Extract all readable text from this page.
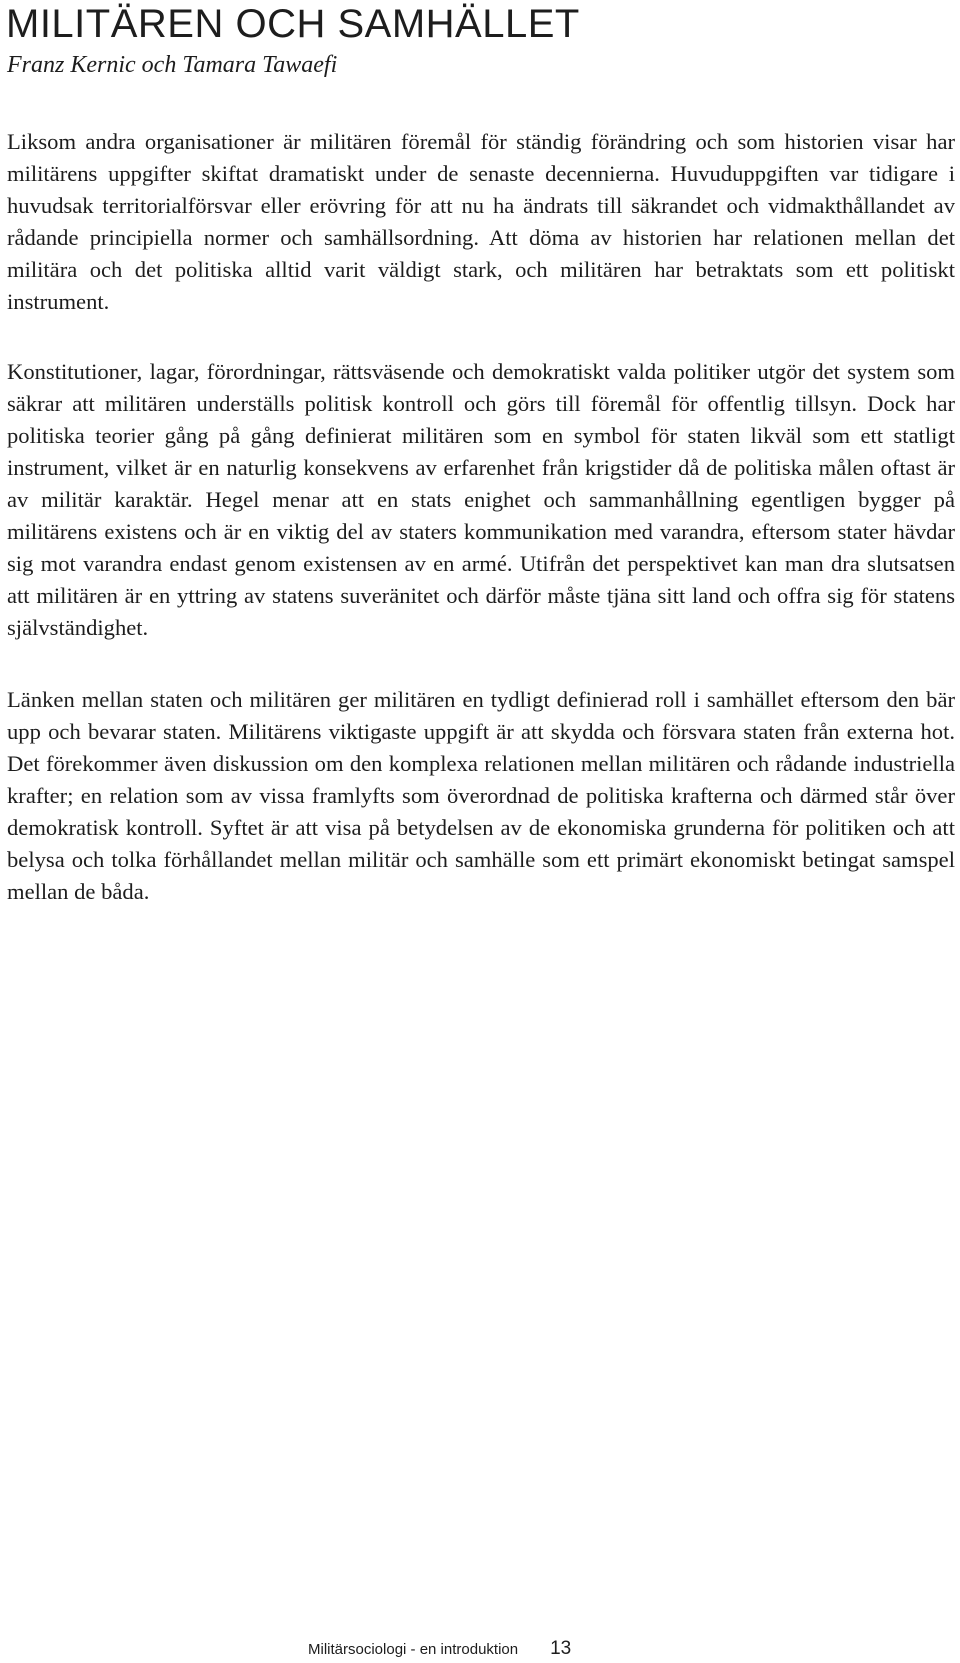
MILITÄREN OCH SAMHÄLLET

Franz Kernic och Tamara Tawaefi

Liksom andra organisationer är militären föremål för ständig förändring och som historien visar har militärens uppgifter skiftat dramatiskt under de senaste decennierna. Huvuduppgiften var tidigare i huvudsak territorialförsvar eller erövring för att nu ha ändrats till säkrandet och vidmakthållandet av rådande principiella normer och samhällsordning. Att döma av historien har relationen mellan det militära och det politiska alltid varit väldigt stark, och militären har betraktats som ett politiskt instrument.

Konstitutioner, lagar, förordningar, rättsväsende och demokratiskt valda politiker utgör det system som säkrar att militären underställs politisk kontroll och görs till föremål för offentlig tillsyn. Dock har politiska teorier gång på gång definierat militären som en symbol för staten likväl som ett statligt instrument, vilket är en naturlig konsekvens av erfarenhet från krigstider då de politiska målen oftast är av militär karaktär. Hegel menar att en stats enighet och sammanhållning egentligen bygger på militärens existens och är en viktig del av staters kommunikation med varandra, eftersom stater hävdar sig mot varandra endast genom existensen av en armé. Utifrån det perspektivet kan man dra slutsatsen att militären är en yttring av statens suveränitet och därför måste tjäna sitt land och offra sig för statens självständighet.

Länken mellan staten och militären ger militären en tydligt definierad roll i samhället eftersom den bär upp och bevarar staten. Militärens viktigaste uppgift är att skydda och försvara staten från externa hot. Det förekommer även diskussion om den komplexa relationen mellan militären och rådande industriella krafter; en relation som av vissa framlyfts som överordnad de politiska krafterna och därmed står över demokratisk kontroll. Syftet är att visa på betydelsen av de ekonomiska grunderna för politiken och att belysa och tolka förhållandet mellan militär och samhälle som ett primärt ekonomiskt betingat samspel mellan de båda.

Militärsociologi - en introduktion 13
